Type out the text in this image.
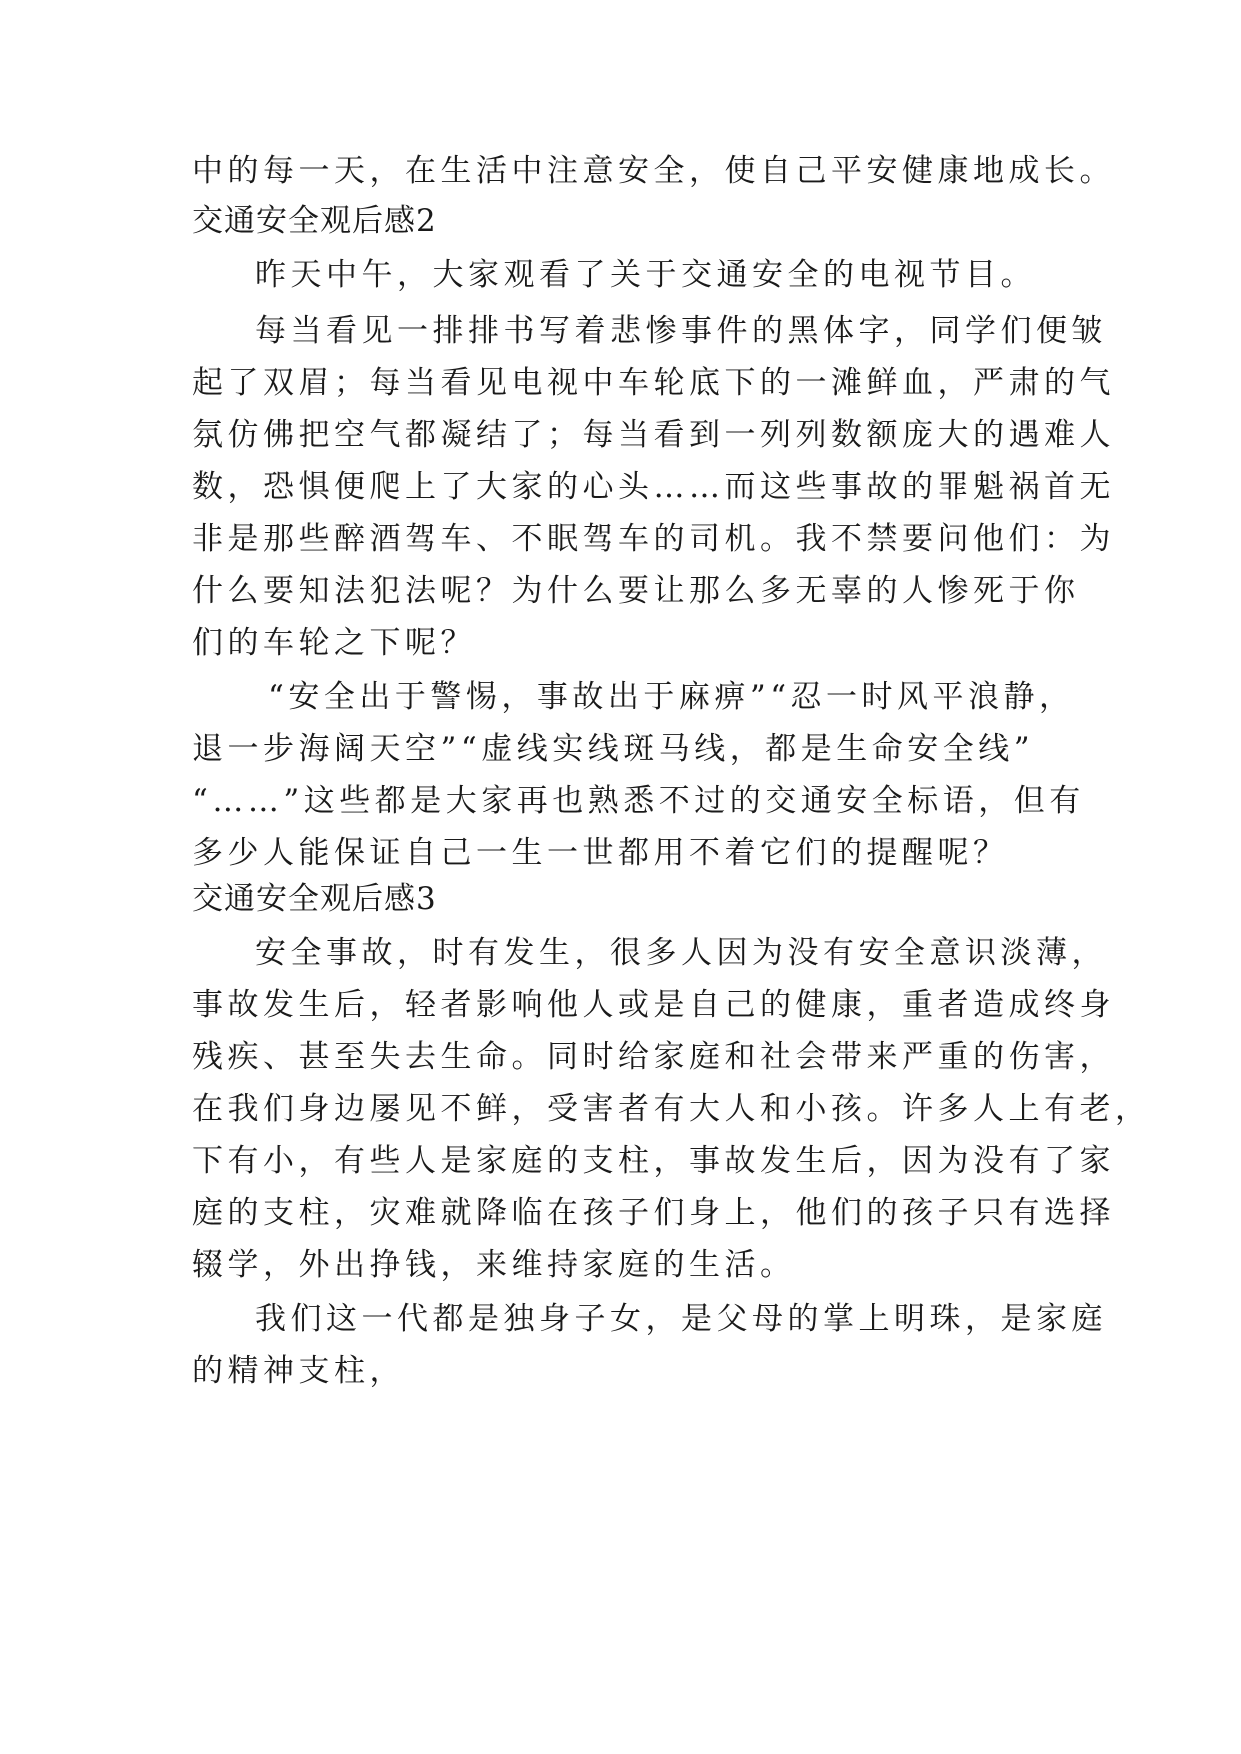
中的每一天，在生活中注意安全，使自己平安健康地成长。
交通安全观后感2
昨天中午，大家观看了关于交通安全的电视节目。
每当看见一排排书写着悲惨事件的黑体字，同学们便皱
起了双眉；每当看见电视中车轮底下的一滩鲜血，严肃的气
氛仿佛把空气都凝结了；每当看到一列列数额庞大的遇难人
数，恐惧便爬上了大家的心头……而这些事故的罪魁祸首无
非是那些醉酒驾车、不眠驾车的司机。我不禁要问他们：为
什么要知法犯法呢？为什么要让那么多无辜的人惨死于你
们的车轮之下呢？
“安全出于警惕，事故出于麻痹”“忍一时风平浪静，
退一步海阔天空”“虚线实线斑马线，都是生命安全线”
“……”这些都是大家再也熟悉不过的交通安全标语，但有
多少人能保证自己一生一世都用不着它们的提醒呢？
交通安全观后感3
安全事故，时有发生，很多人因为没有安全意识淡薄，
事故发生后，轻者影响他人或是自己的健康，重者造成终身
残疾、甚至失去生命。同时给家庭和社会带来严重的伤害，
在我们身边屡见不鲜，受害者有大人和小孩。许多人上有老，
下有小，有些人是家庭的支柱，事故发生后，因为没有了家
庭的支柱，灾难就降临在孩子们身上，他们的孩子只有选择
辍学，外出挣钱，来维持家庭的生活。
我们这一代都是独身子女，是父母的掌上明珠，是家庭
的精神支柱，
